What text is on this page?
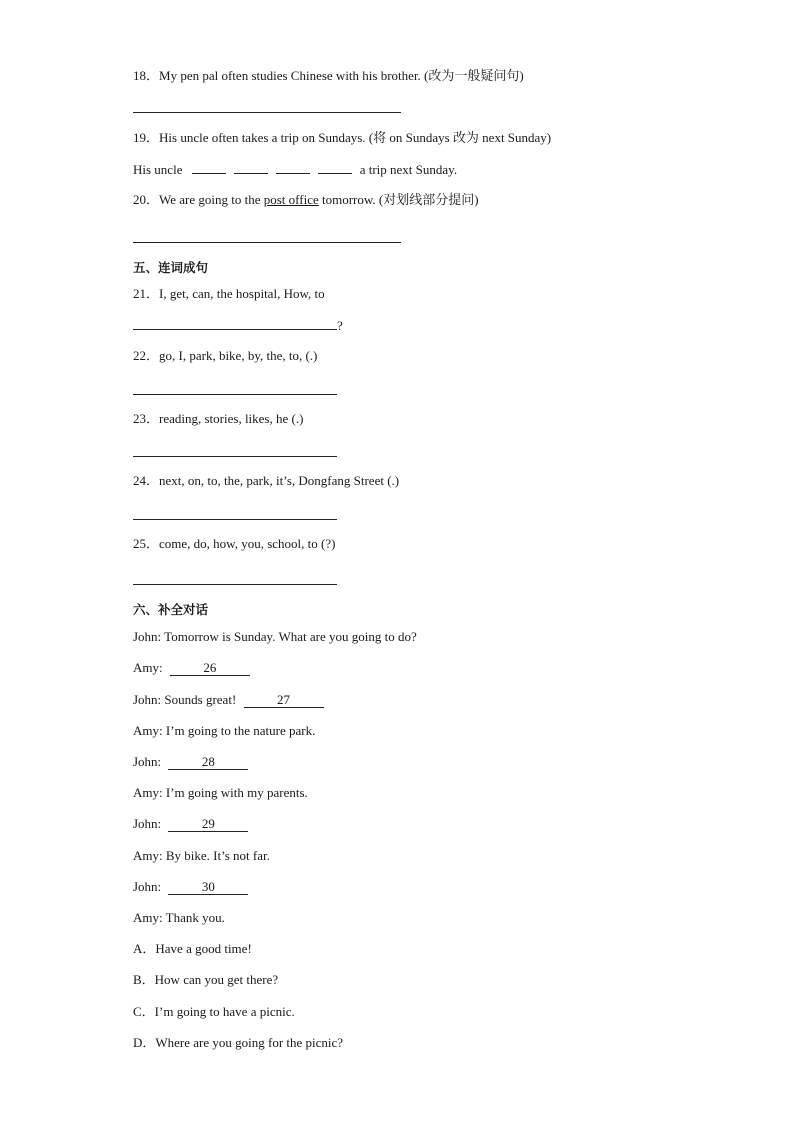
18．My pen pal often studies Chinese with his brother. (改为一般疑问句)
19．His uncle often takes a trip on Sundays. (将 on Sundays 改为 next Sunday)
His uncle	a trip next Sunday.
20．We are going to the post office tomorrow. (对划线部分提问)
五、连词成句
21．I, get, can, the hospital, How, to
?
22．go, I, park, bike, by, the, to, (.)
23．reading, stories, likes, he (.)
24．next, on, to, the, park, it’s, Dongfang Street (.)
25．come, do, how, you, school, to (?)
六、补全对话
John: Tomorrow is Sunday. What are you going to do?
Amy:	26
John: Sounds great!	27
Amy: I’m going to the nature park.
John:	28
Amy: I’m going with my parents.
John:	29
Amy: By bike. It’s not far.
John:	30
Amy: Thank you.
A．Have a good time!
B．How can you get there?
C．I’m going to have a picnic.
D．Where are you going for the picnic?
